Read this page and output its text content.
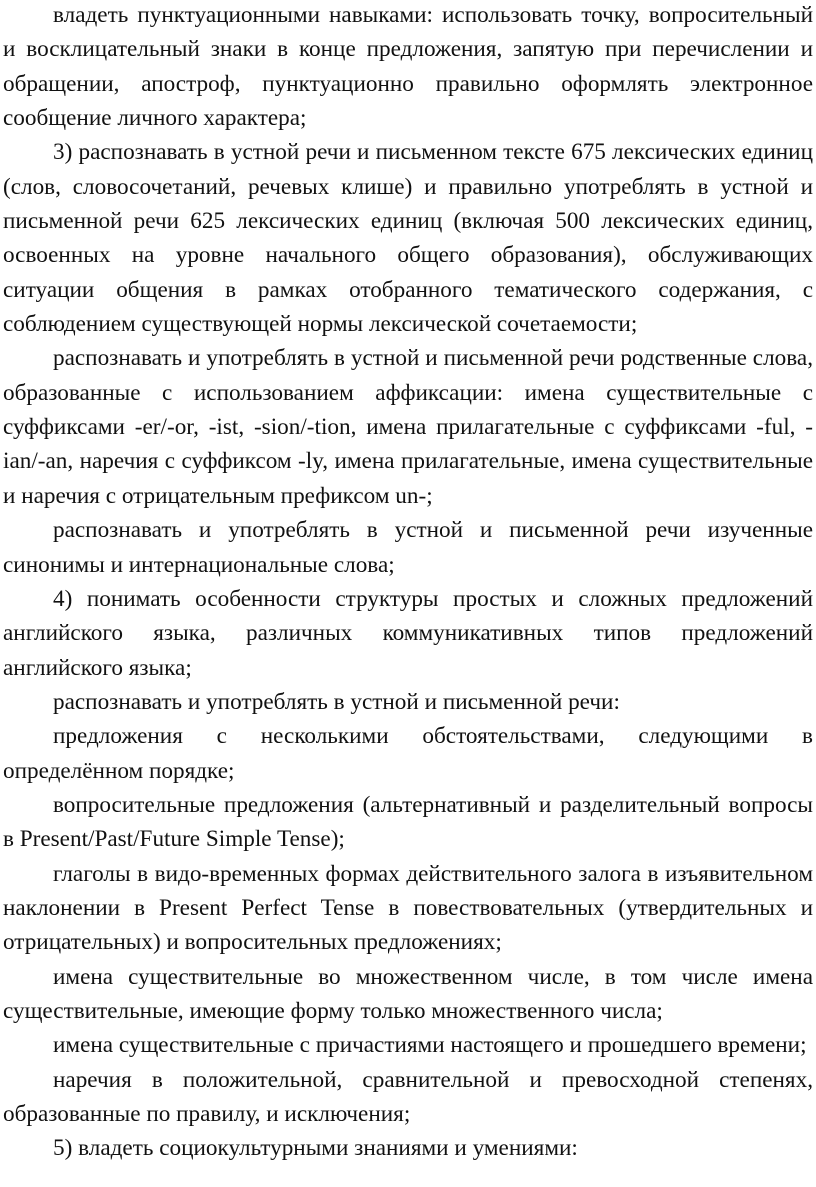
владеть пунктуационными навыками: использовать точку, вопросительный и восклицательный знаки в конце предложения, запятую при перечислении и обращении, апостроф, пунктуационно правильно оформлять электронное сообщение личного характера;

3) распознавать в устной речи и письменном тексте 675 лексических единиц (слов, словосочетаний, речевых клише) и правильно употреблять в устной и письменной речи 625 лексических единиц (включая 500 лексических единиц, освоенных на уровне начального общего образования), обслуживающих ситуации общения в рамках отобранного тематического содержания, с соблюдением существующей нормы лексической сочетаемости;

распознавать и употреблять в устной и письменной речи родственные слова, образованные с использованием аффиксации: имена существительные с суффиксами -er/-or, -ist, -sion/-tion, имена прилагательные с суффиксами -ful, -ian/-an, наречия с суффиксом -ly, имена прилагательные, имена существительные и наречия с отрицательным префиксом un-;

распознавать и употреблять в устной и письменной речи изученные синонимы и интернациональные слова;

4) понимать особенности структуры простых и сложных предложений английского языка, различных коммуникативных типов предложений английского языка;

распознавать и употреблять в устной и письменной речи:

предложения с несколькими обстоятельствами, следующими в определённом порядке;

вопросительные предложения (альтернативный и разделительный вопросы в Present/Past/Future Simple Tense);

глаголы в видо-временных формах действительного залога в изъявительном наклонении в Present Perfect Tense в повествовательных (утвердительных и отрицательных) и вопросительных предложениях;

имена существительные во множественном числе, в том числе имена существительные, имеющие форму только множественного числа;

имена существительные с причастиями настоящего и прошедшего времени;

наречия в положительной, сравнительной и превосходной степенях, образованные по правилу, и исключения;

5) владеть социокультурными знаниями и умениями:
